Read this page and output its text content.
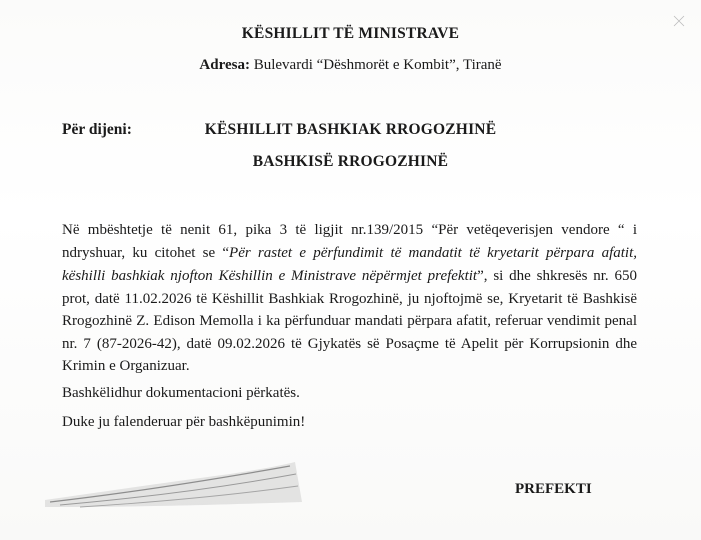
KËSHILLIT TË MINISTRAVE
Adresa: Bulevardi “Dëshmorët e Kombit”, Tiranë
Për dijeni:	KËSHILLIT BASHKIAK RROGOZHINË
BASHKISË RROGOZHINË
Në mbështetje të nenit 61, pika 3 të ligjit nr.139/2015 “Për vetëqeverisjen vendore “ i
ndryshuar, ku citohet se “Për rastet e përfundimit të mandatit të kryetarit përpara afatit,
këshilli bashkiak njofton Këshillin e Ministrave nëpërmjet prefektit”, si dhe shkresës nr. 650
prot, datë 11.02.2026 të Këshillit Bashkiak Rrogozhinë, ju njoftojmë se, Kryetarit të Bashkisë
Rrogozhinë Z. Edison Memolla i ka përfunduar mandati përpara afatit, referuar vendimit penal
nr. 7 (87-2026-42), datë 09.02.2026 të Gjykatës së Posaçme të Apelit për Korrupsionin dhe
Krimin e Organizuar.
Bashkëlidhur dokumentacioni përkatës.
Duke ju falenderuar për bashkëpunimin!
PREFEKTI
